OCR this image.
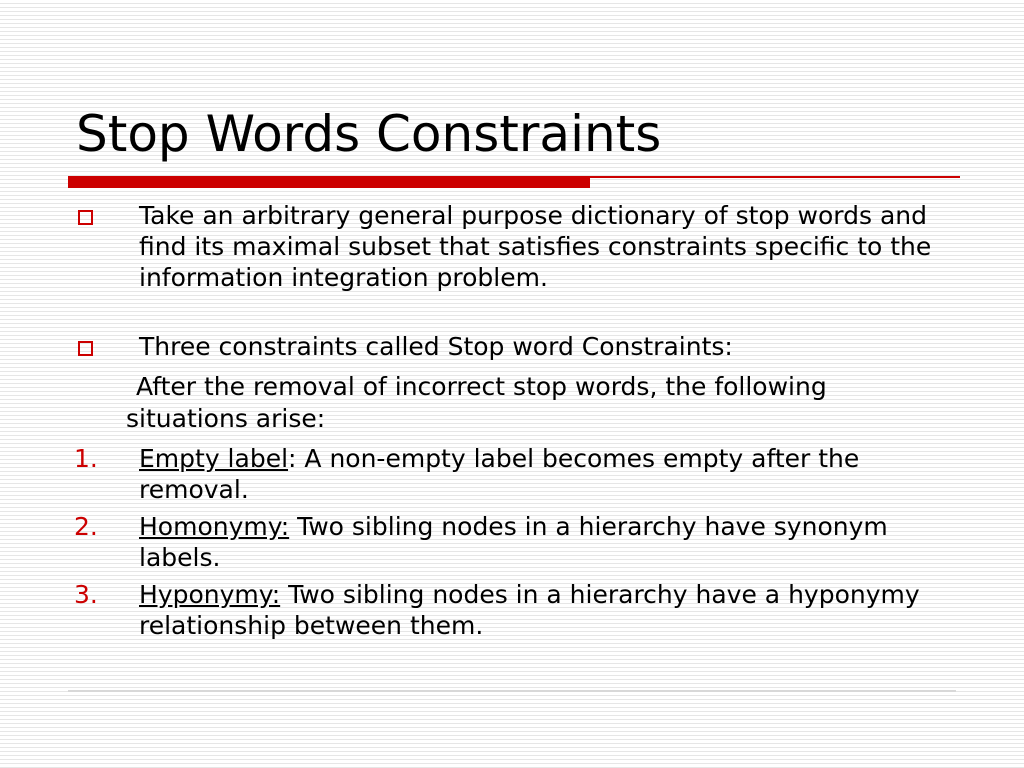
Stop Words Constraints
Take an arbitrary general purpose dictionary of stop words and find its maximal subset that satisfies constraints specific to the information integration problem.
Three constraints called Stop word Constraints:
After the removal of incorrect stop words, the following situations arise:
1. Empty label: A non-empty label becomes empty after the removal.
2. Homonymy: Two sibling nodes in a hierarchy have synonym labels.
3. Hyponymy: Two sibling nodes in a hierarchy have a hyponymy relationship between them.
